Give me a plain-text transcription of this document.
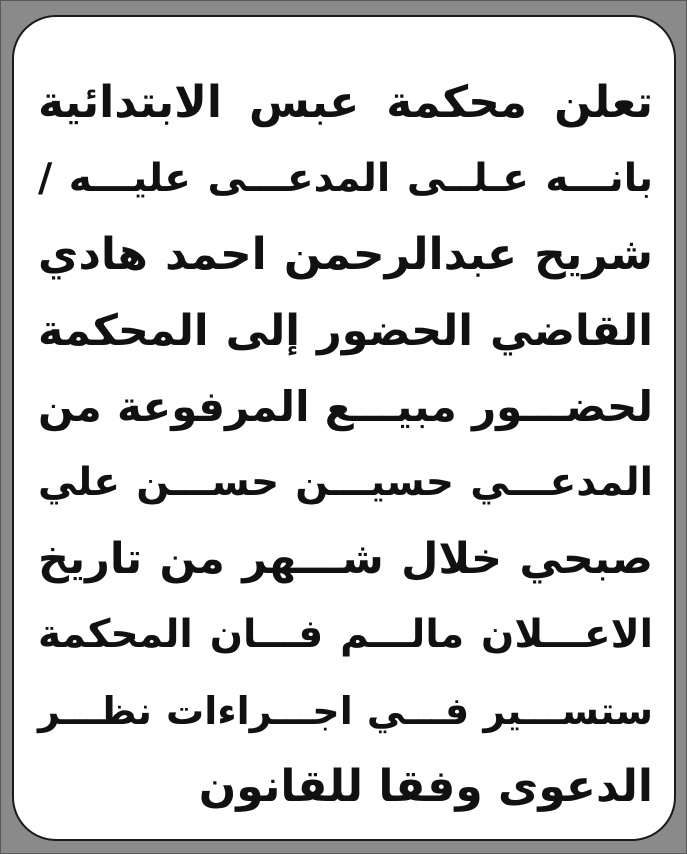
تعلن محكمة عبس الابتدائية
بانـــه عـلــى المدعـــى عليـــه /
شريح عبدالرحمن احمد هادي
القاضي الحضور إلى المحكمة
لحضـــور مبيـــع المرفوعة من
المدعـــي حسيـــن حســـن علي
صبحي خلال شـــهر من تاريخ
الاعـــلان مالـــم فـــان المحكمة
ستســـير فـــي اجـــراءات نظـــر
الدعوى وفقا للقانون
